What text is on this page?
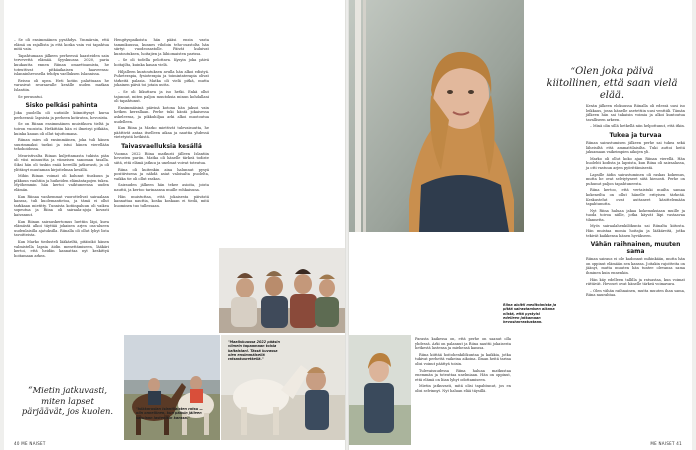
– Se oli ensimmäinen pysähdys. Ymmärsin, että elämä on rajallista ja että koska vain voi tapahtua mitä vain.

Tapahtumaan jälkeen perheessä haasteiden sain tervevettä elämää. Syyskuussa 2020, paria kuukautta ennen Riinan omaettoamista, he toteuttivat pitkäaikaisen haaveensa: islanninhevosella tehdyn vaelluksen Islannissa.

Reissu oli upea. Heti kotiin palattuaan he varasivat seuraavalle kesälle uuden matkan Islantiin.

Se peruuntui.

Sisko pelkäsi pahinta

Joka puolella oli uutisiile kiinnittynyt kursa perheensä: lapsista ja perheen kotirutea, hevosista.

Se on Riinan ensimmäinen muistikuva tieltä ja toivon vuosista. Hetkittäin hän ei ilmeisyi pitkään, kuinka kauan oli ollut tajuttomana.

Riinan mies oli ensimmäinen, joka tuli hänen suurimmaksi tueksi ja istui hänen vierellään tehohoidossa.

Meuristivalta Riinan kuljettamasta tukista piän oli viisi minuuttia ja viimeisen sanoman tasalla. Siksi hän oli tuskin enää hereillä jatkuvasti, ja oli ylittänyt muutaman kirjoitelman kesällä.

Mihin Riinan voimat oli kulunut tiuskuun ja pikkuun vauhtiin ja huikeiden elämäntapojen tukea. Myöhemmin hän kertoi vaihtuneensa uuden elämän.

Kun Riinaa vanhemmat vuorottelivat sairaalaan kanssa, tuli kuolemantietoa, ja tämä ei ollut tarkkaan mietitty. Tunnista kotiinpaluun oli vaikea sopeutua ja Riina oli sairaala-ajoja kovasti kaivannut.

Kun Riinan sairauskertomus luettiin läpi, kuva elämästä alkoi täyttää jokaisen arjen osa-alueen uudenlaisilla ajatuksilla. Riinalla oli ollut lyhyt lista tavoitteista.

Kun Marko tiedusteli lääkäriltä, pitäisikö hänen valmistella lapsia äidin menettämiseen, lääkäri kertoi, että heidän kannattaa nyt keskittyä hoitamaan arkea.

“Mietin jatkuvasti, miten lapset pärjäävät, jos kuolen.

Hengityspaikoista hän pääsi ensin vasta tammikuussa, kunnes vihdoin teho-osastolta hän siirtyi vuodeosastolle. Päivät kuluivat kuntoutuksen, hoitajien ja lähiomaisten parissa.

– Se oli todella pelottava. Kysyin joka päivä hoitajilta, kuinka kauan vielä.

Hiljalleen kuntoutuksen avulla hän alkoi edistyä. Puheterapia, fysioterapia ja toimintaterapia olivat tärkeitä palasia. Matka oli vielä pitkä, mutta jokainen päivä toi jotain uutta.

– Se oli liikuttava ja iso hetki. Enkä ollut tajunnut, miten paljon muutoksia minun kohdallani oli tapahtunut.

Ensimmäisinä päivinä kotona hän jaksoi vain hetken kerrallaan. Perhe tuki häntä jokaisessa askeleessa, ja pikkuhiljaa arki alkoi muotoutua uudelleen.

Kun Riina ja Marko miettivät tulevaisuutta, he päättivät antaa itselleen aikaa ja nauttia yhdessä vietetyistä hetkistä.

Taivasvaelluksia kesällä

Vuonna 2022 Riina matkusti jälleen Islantiin hevosten pariin. Matka oli hänelle tärkeä todiste siitä, että elämä jatkuu ja unelmat voivat toteutua.

Riina oli kuitenkin aina halunnut pysyä positiivisena ja nähdä asiat valoisalta puolelta, vaikka tie oli ollut raskas.

Sairauden jälkeen hän tekee asioita, joista nauttii, ja kertoo tarinaansa muille rohkaisuna.

Hän muistuttaa, että jokaisesta päivästä kannattaa nauttia, koska koskaan ei tiedä, mitä huominen tuo tullessaan.

"Maaliskuussa 2022 pääsin viimein tapaamaan toisia kaltaisiani. Tässä kuvassa olen ensimmäisellä ratsastusretkellä."
"Isikkaruslan islantilaisten ratsu — olin onnellinen, kun pääsin jälleen satulaan lastenikin kanssa."
40 ME NAISET
“Olen joka päivä kiitollinen, että saan vielä elää.
Riina aloitti meditoimista ja pitää sairastamisen aikana niistä, että pystyisi edelleen jatkamaan hevosharrastustaan.

Kesän jälkeen elokuussa Riinalla oli edessä uusi iso leikkaus, jossa hänelle asetettiin uusi venttiili. Tämän jälkeen hän sai takaisin voimia ja alkoi kuntoutua tavalliseen arkeen.

– Minä olin sillä hetkellä niin helpottunut, että itkin.

Tukea ja turvaa

Riinan sairastumisen jälkeen perhe sai tukea sekä läheisiltä että ammattilaisilta. Tuki auttoi heitä jaksamaan vaikeimpien aikojen yli.

Marko oli ollut koko ajan Riinan vierellä. Hän huolehti kodista ja lapsista, kun Riina oli sairaalassa, ja otti vastuun arjen pyörittämisestä.

Lapsille äidin sairastuminen oli raskas kokemus, mutta he ovat selviytyneet siitä hienosti. Perhe on puhunut paljon tapahtuneesta.

Riina kertoo, että vertaistuki muilta samaa kokeneilta on ollut hänelle erityisen tärkeää. Keskustelut ovat auttaneet käsittelemään tapahtunutta.

Nyt Riina haluaa jakaa kokemuksiaan muille ja tuoda toivoa niille, jotka käyvät läpi vastaavaa tilannetta.

Myös sairaalahenkilökunta sai Riinalta kiitosta. Hän muistaa monia hoitajia ja lääkäreitä, jotka tekivät kaikkensa hänen hyväkseen.

Vähän raihnainen, muuten sama

Riinan sairaus ei ole kadonnut mihinkään, mutta hän on oppinut elämään sen kanssa. Joitakin rajoitteita on jäänyt, mutta muuten hän tuntee olevansa sama ihminen kuin ennenkin.

Hän käy edelleen tallilla ja ratsastaa, kun voimat riittävät. Hevoset ovat hänelle tärkeä voimavara.

– Olen vähän raihnainen, mutta muuten ihan sama, Riina naurahtaa.

Parasta kaikessa on, että perhe on saanut olla yhdessä. Arki on palannut ja Riina nauttii jokaisesta hetkestä lastensa ja miehensä kanssa.

Riina kiittää hoitohenkilökuntaa ja kaikkia, jotka tukivat perhettä vaikeina aikoina. Ilman heitä tarina olisi voinut päättyä toisin.

Tulevaisuudessa Riina haluaa matkustaa enemmän ja toteuttaa unelmiaan. Hän on oppinut, että elämä on liian lyhyt odottamiseen.

Mietin jatkuvasti, mitä olisi tapahtunut, jos en olisi selvinnyt. Nyt haluan elää täysillä.

ME NAISET 41
